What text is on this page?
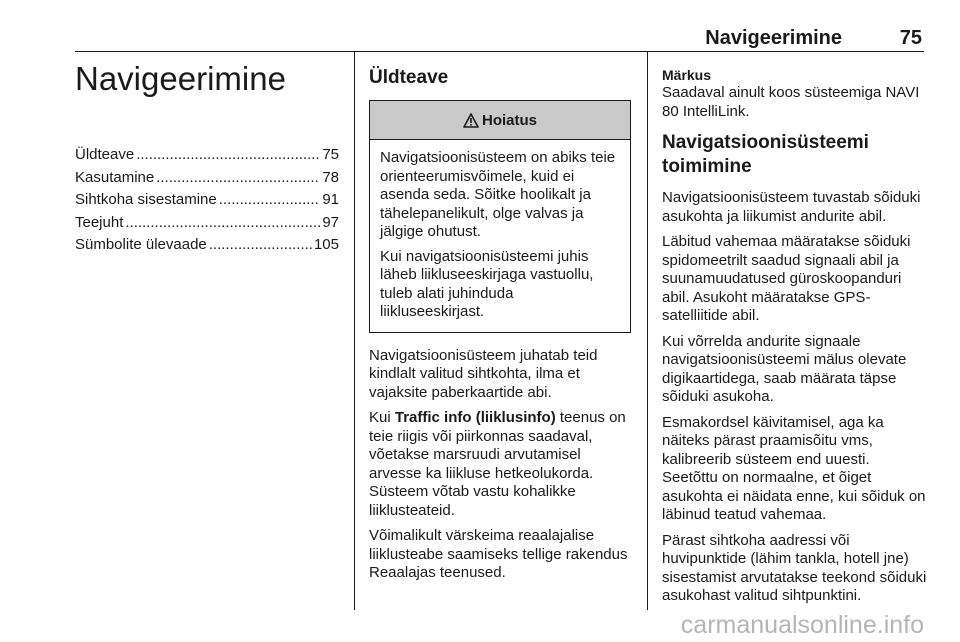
Navigeerimine	75
Navigeerimine
Üldteave .....	75
Kasutamine .....	78
Sihtkoha sisestamine .....	91
Teejuht .....	97
Sümbolite ülevaade .....	105
Üldteave
Hoiatus

Navigatsioonisüsteem on abiks teie orienteerumisvõimele, kuid ei asenda seda. Sõitke hoolikalt ja tähelepanelikult, olge valvas ja jälgige ohutust.

Kui navigatsioonisüsteemi juhis läheb liikluseeskirjaga vastuollu, tuleb alati juhinduda liikluseeskirjast.

Navigatsioonisüsteem juhatab teid kindlalt valitud sihtkohta, ilma et vajaksite paberkaartide abi.

Kui Traffic info (liiklusinfo) teenus on teie riigis või piirkonnas saadaval, võetakse marsruudi arvutamisel arvesse ka liikluse hetkeolukorda. Süsteem võtab vastu kohalikke liiklusteateid.

Võimalikult värskeima reaalajalise liiklusteabe saamiseks tellige rakendus Reaalajas teenused.

Märkus

Saadaval ainult koos süsteemiga NAVI 80 IntelliLink.

Navigatsioonisüsteemi toimimine

Navigatsioonisüsteem tuvastab sõiduki asukohta ja liikumist andurite abil.

Läbitud vahemaa määratakse sõiduki spidomeetrilt saadud signaali abil ja suunamuudatused güroskoopanduri abil. Asukoht määratakse GPS-satelliitide abil.

Kui võrrelda andurite signaale navigatsioonisüsteemi mälus olevate digikaartidega, saab määrata täpse sõiduki asukoha.

Esmakordsel käivitamisel, aga ka näiteks pärast praamisõitu vms, kalibreerib süsteem end uuesti. Seetõttu on normaalne, et õiget asukohta ei näidata enne, kui sõiduk on läbinud teatud vahemaa.

Pärast sihtkoha aadressi või huvipunktide (lähim tankla, hotell jne) sisestamist arvutatakse teekond sõiduki asukohast valitud sihtpunktini.

carmanualsonline.info
